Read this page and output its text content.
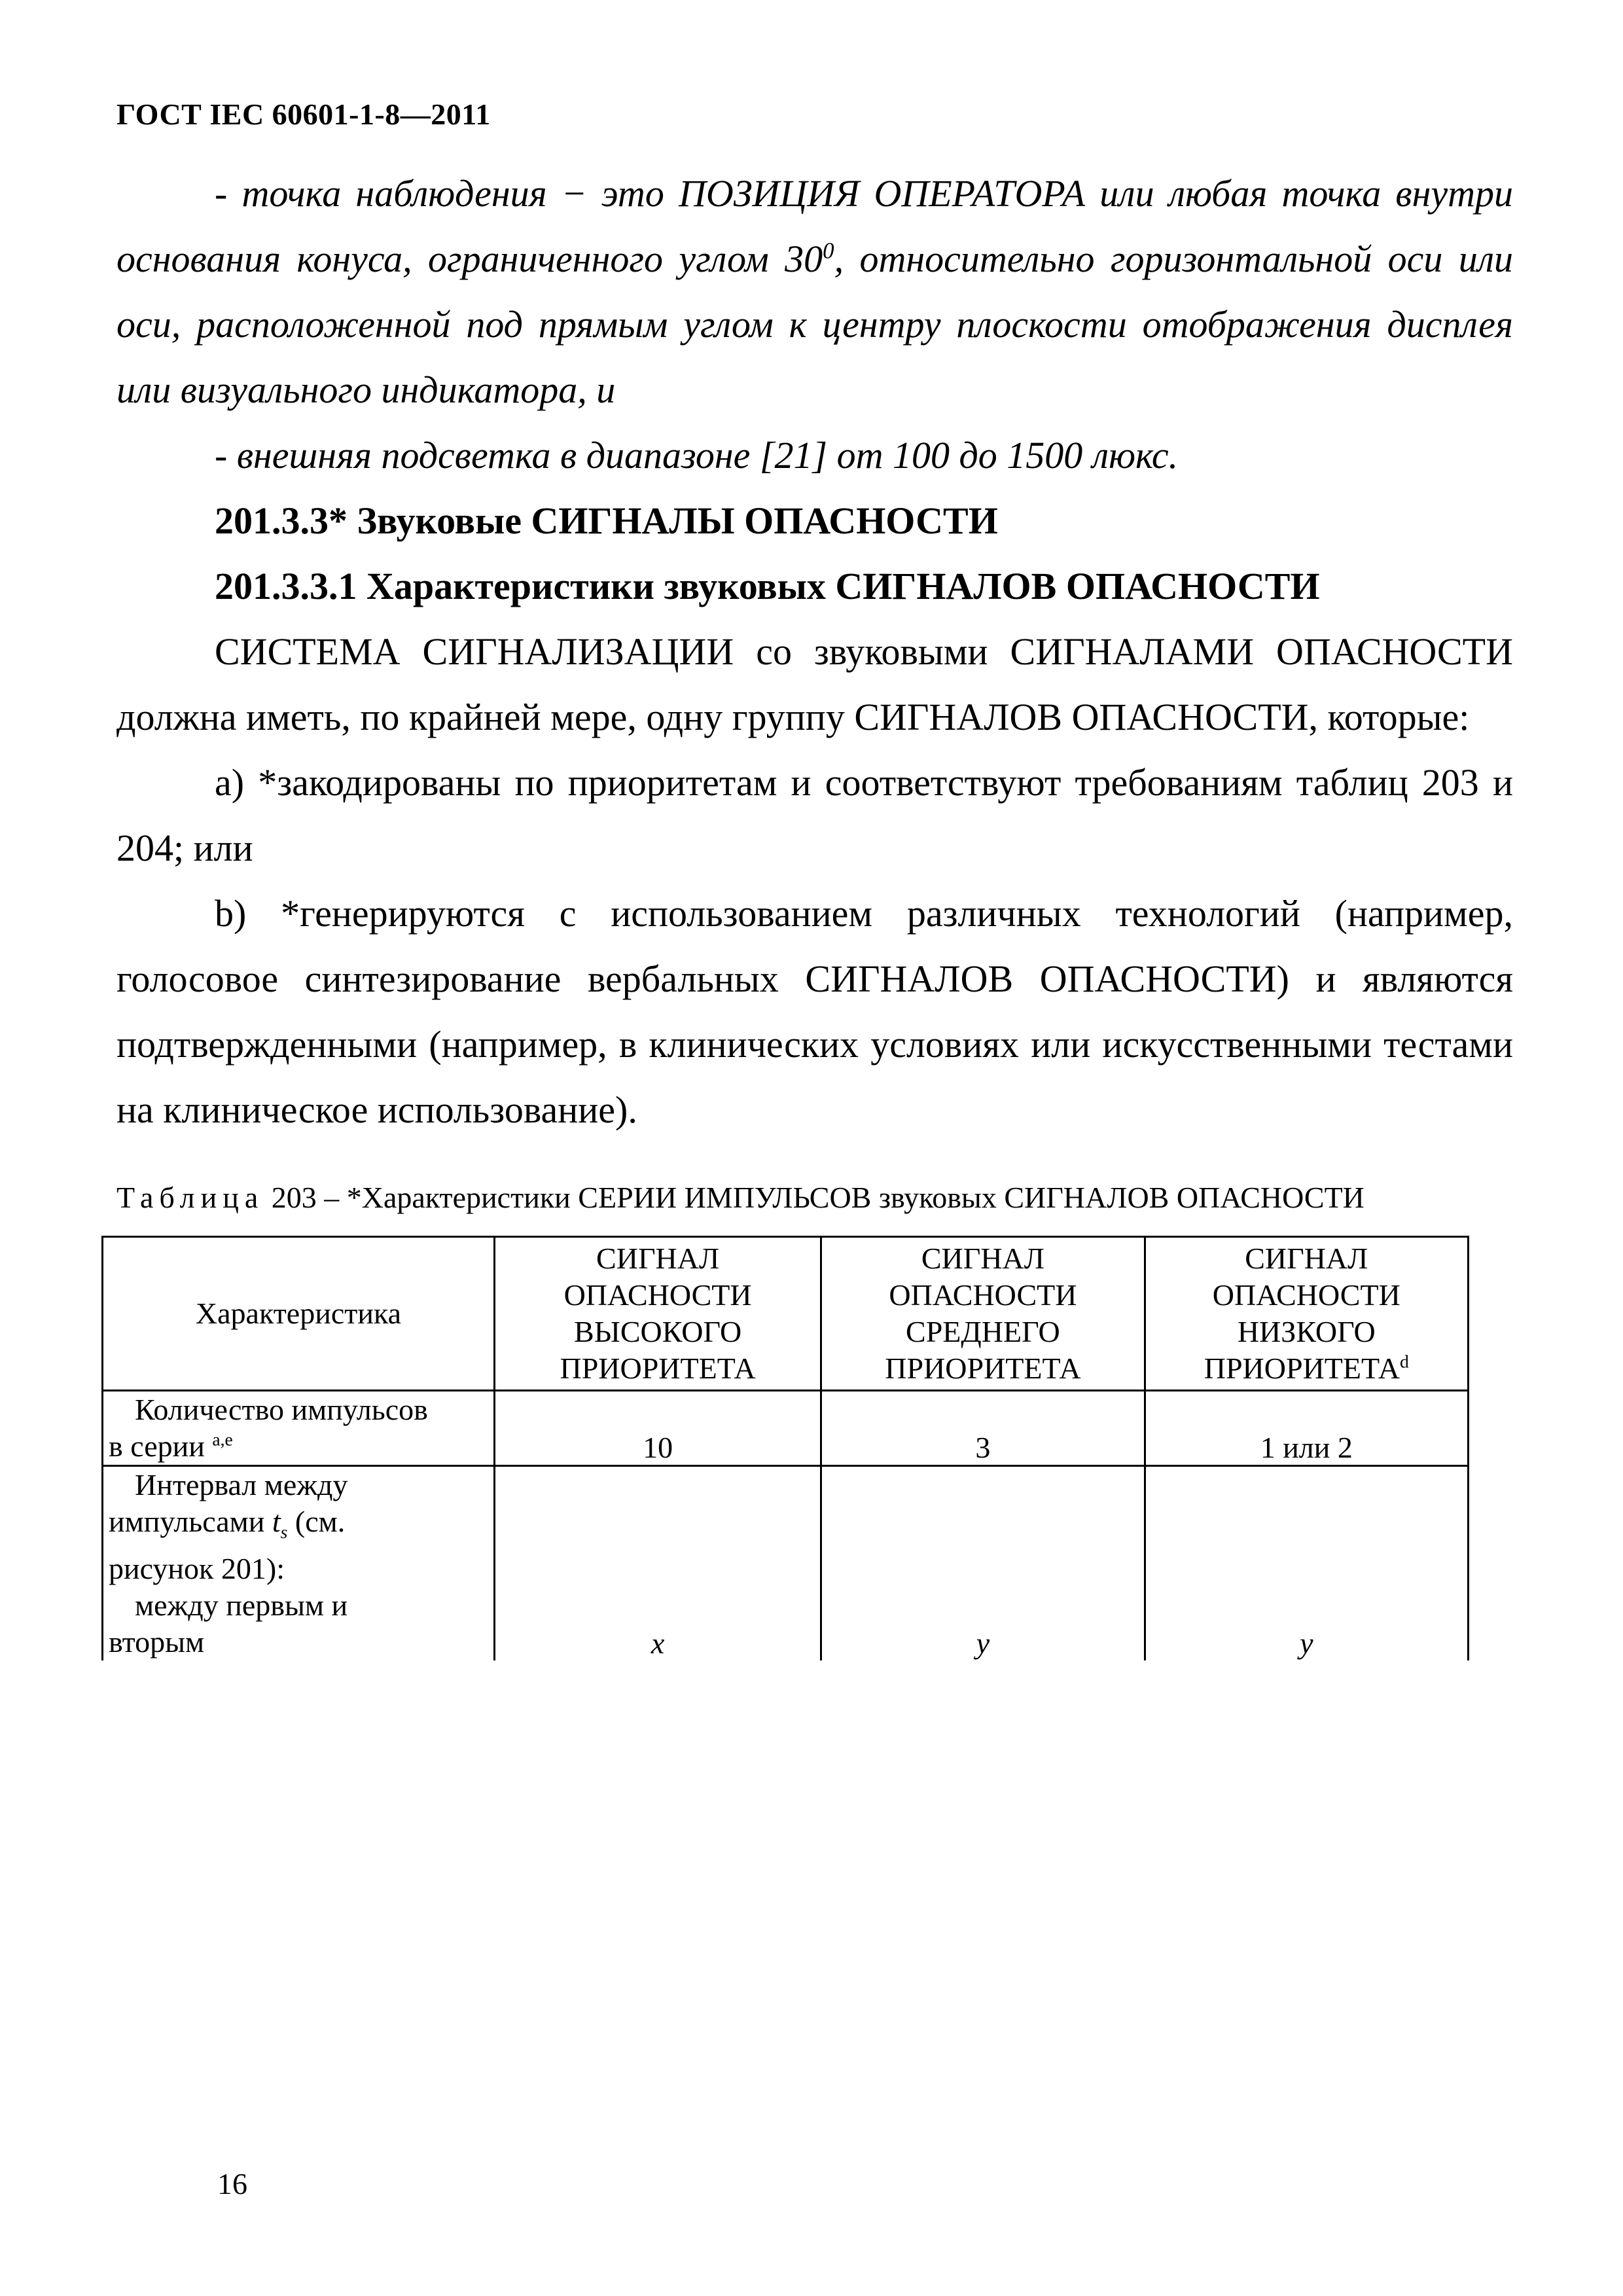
ГОСТ IEC 60601-1-8—2011

- точка наблюдения − это ПОЗИЦИЯ ОПЕРАТОРА или любая точка внутри основания конуса, ограниченного углом $30^0$, относительно горизонтальной оси или оси, расположенной под прямым углом к центру плоскости отображения дисплея или визуального индикатора, и

- внешняя подсветка в диапазоне [21] от 100 до 1500 люкс.

201.3.3* Звуковые СИГНАЛЫ ОПАСНОСТИ

201.3.3.1 Характеристики звуковых СИГНАЛОВ ОПАСНОСТИ

СИСТЕМА СИГНАЛИЗАЦИИ со звуковыми СИГНАЛАМИ ОПАСНОСТИ должна иметь, по крайней мере, одну группу СИГНАЛОВ ОПАСНОСТИ, которые:

а) *закодированы по приоритетам и соответствуют требованиям таблиц 203 и 204; или

b) *генерируются с использованием различных технологий (например, голосовое синтезирование вербальных СИГНАЛОВ ОПАСНОСТИ) и являются подтвержденными (например, в клинических условиях или искусственными тестами на клиническое использование).

Таблица 203 – *Характеристики СЕРИИ ИМПУЛЬСОВ звуковых СИГНАЛОВ ОПАСНОСТИ
Характеристика	СИГНАЛ
ОПАСНОСТИ
ВЫСОКОГО
ПРИОРИТЕТА	СИГНАЛ
ОПАСНОСТИ
СРЕДНЕГО
ПРИОРИТЕТА	СИГНАЛ
ОПАСНОСТИ
НИЗКОГО
ПРИОРИТЕТА$^d$
Количество импульсов
в серии $^{a,e}$	10	3	1 или 2
Интервал между
импульсами $t_s$ (см.
рисунок 201):
между первым и
вторым	x	y	y
16
